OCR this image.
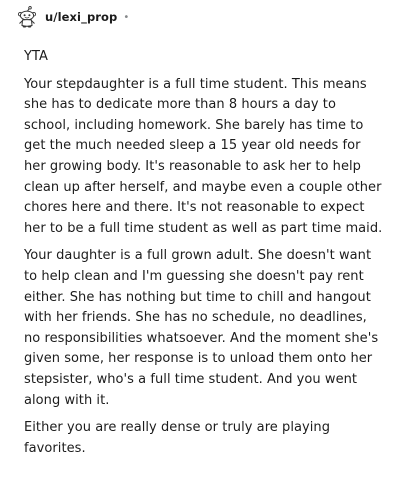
u/lexi_prop •

YTA

Your stepdaughter is a full time student. This means she has to dedicate more than 8 hours a day to school, including homework. She barely has time to get the much needed sleep a 15 year old needs for her growing body. It's reasonable to ask her to help clean up after herself, and maybe even a couple other chores here and there. It's not reasonable to expect her to be a full time student as well as part time maid.

Your daughter is a full grown adult. She doesn't want to help clean and I'm guessing she doesn't pay rent either. She has nothing but time to chill and hangout with her friends. She has no schedule, no deadlines, no responsibilities whatsoever. And the moment she's given some, her response is to unload them onto her stepsister, who's a full time student. And you went along with it.

Either you are really dense or truly are playing favorites.
